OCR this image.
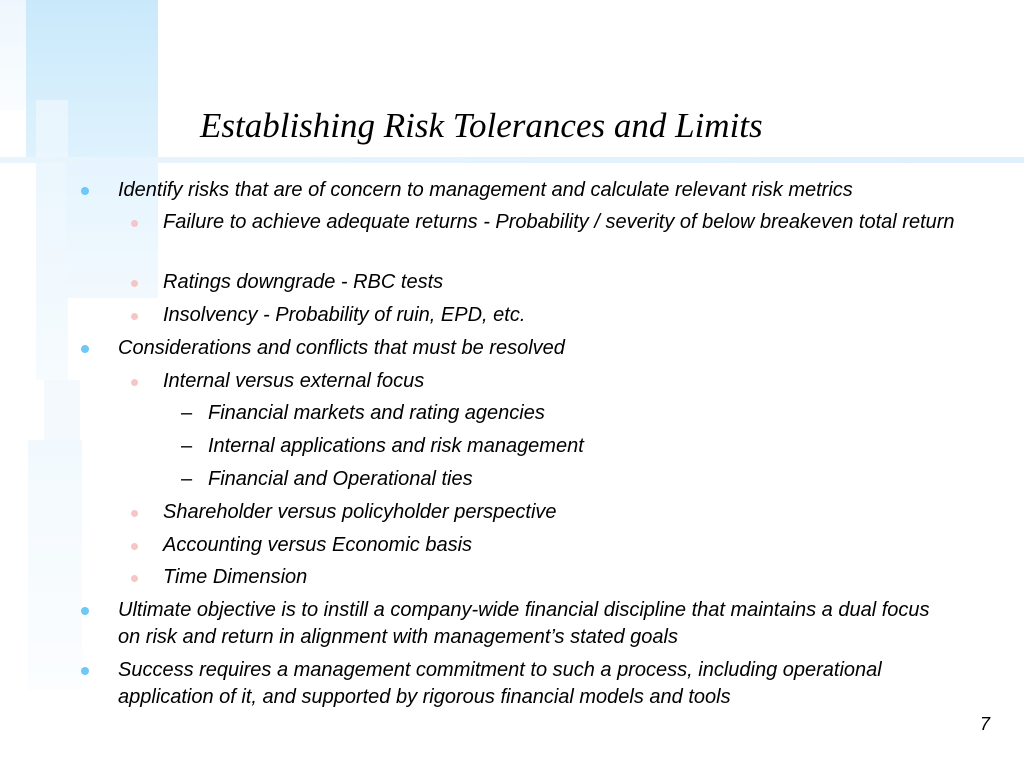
Establishing Risk Tolerances and Limits
Identify risks that are of concern to management and calculate relevant risk metrics
Failure to achieve adequate returns - Probability / severity of below breakeven total return
Ratings downgrade - RBC tests
Insolvency - Probability of ruin, EPD, etc.
Considerations and conflicts that must be resolved
Internal versus external focus
– Financial markets and rating agencies
– Internal applications and risk management
– Financial and Operational ties
Shareholder versus policyholder perspective
Accounting versus Economic basis
Time Dimension
Ultimate objective is to instill a company-wide financial discipline that maintains a dual focus on risk and return in alignment with management’s stated goals
Success requires a management commitment to such a process, including operational application of it, and supported by rigorous financial models and tools
7
